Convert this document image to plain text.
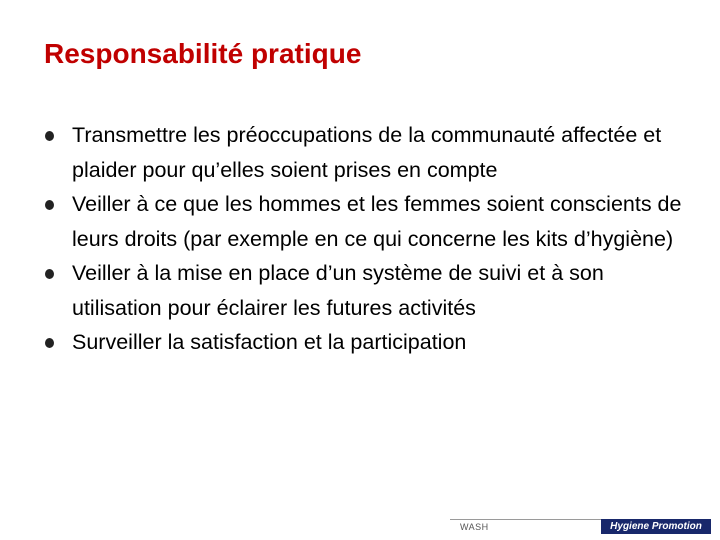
Responsabilité pratique
Transmettre les préoccupations de la communauté affectée et plaider pour qu’elles soient prises en compte
Veiller à ce que les hommes et les femmes soient conscients de leurs droits (par exemple en ce qui concerne les kits d’hygiène)
Veiller à la mise en place d’un système de suivi et à son utilisation pour éclairer les futures activités
Surveiller la satisfaction et la participation
WASH	Hygiene Promotion
